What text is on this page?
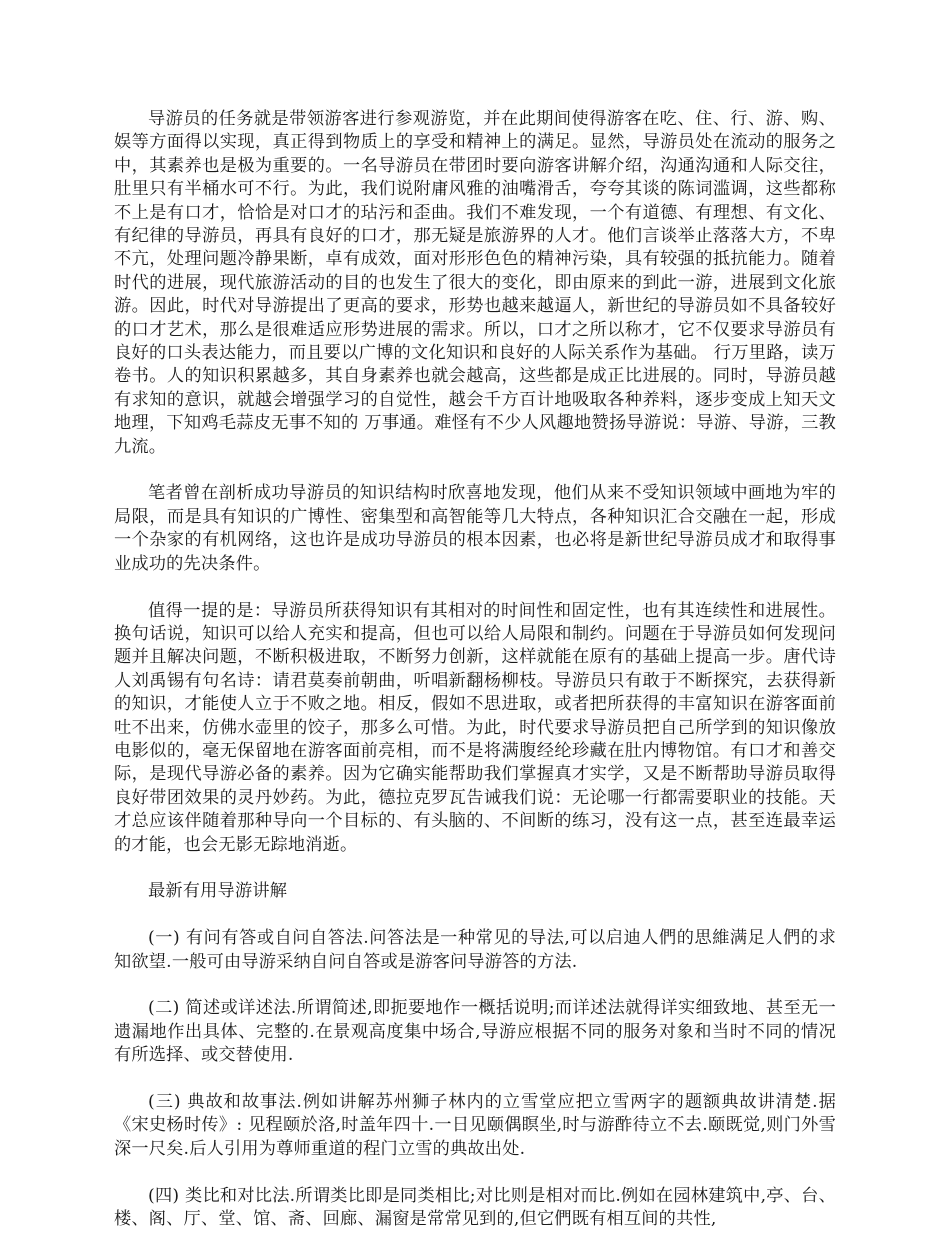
导游员的任务就是带领游客进行参观游览，并在此期间使得游客在吃、住、行、游、购、娱等方面得以实现，真正得到物质上的享受和精神上的满足。显然，导游员处在流动的服务之中，其素养也是极为重要的。一名导游员在带团时要向游客讲解介绍，沟通沟通和人际交往，肚里只有半桶水可不行。为此，我们说附庸风雅的油嘴滑舌，夸夸其谈的陈词滥调，这些都称不上是有口才，恰恰是对口才的玷污和歪曲。我们不难发现，一个有道德、有理想、有文化、有纪律的导游员，再具有良好的口才，那无疑是旅游界的人才。他们言谈举止落落大方，不卑不亢，处理问题冷静果断，卓有成效，面对形形色色的精神污染，具有较强的抵抗能力。随着时代的进展，现代旅游活动的目的也发生了很大的变化，即由原来的到此一游，进展到文化旅游。因此，时代对导游提出了更高的要求，形势也越来越逼人，新世纪的导游员如不具备较好的口才艺术，那么是很难适应形势进展的需求。所以，口才之所以称才，它不仅要求导游员有良好的口头表达能力，而且要以广博的文化知识和良好的人际关系作为基础。 行万里路，读万卷书。人的知识积累越多，其自身素养也就会越高，这些都是成正比进展的。同时，导游员越有求知的意识，就越会增强学习的自觉性，越会千方百计地吸取各种养料，逐步变成上知天文地理，下知鸡毛蒜皮无事不知的 万事通。难怪有不少人风趣地赞扬导游说：导游、导游，三教九流。

笔者曾在剖析成功导游员的知识结构时欣喜地发现，他们从来不受知识领域中画地为牢的局限，而是具有知识的广博性、密集型和高智能等几大特点，各种知识汇合交融在一起，形成一个杂家的有机网络，这也许是成功导游员的根本因素，也必将是新世纪导游员成才和取得事业成功的先决条件。

值得一提的是：导游员所获得知识有其相对的时间性和固定性，也有其连续性和进展性。换句话说，知识可以给人充实和提高，但也可以给人局限和制约。问题在于导游员如何发现问题并且解决问题，不断积极进取，不断努力创新，这样就能在原有的基础上提高一步。唐代诗人刘禹锡有句名诗：请君莫奏前朝曲，听唱新翻杨柳枝。导游员只有敢于不断探究，去获得新的知识，才能使人立于不败之地。相反，假如不思进取，或者把所获得的丰富知识在游客面前吐不出来，仿佛水壶里的饺子，那多么可惜。为此，时代要求导游员把自己所学到的知识像放电影似的，毫无保留地在游客面前亮相，而不是将满腹经纶珍藏在肚内博物馆。有口才和善交际，是现代导游必备的素养。因为它确实能帮助我们掌握真才实学，又是不断帮助导游员取得良好带团效果的灵丹妙药。为此，德拉克罗瓦告诫我们说：无论哪一行都需要职业的技能。天才总应该伴随着那种导向一个目标的、有头脑的、不间断的练习，没有这一点，甚至连最幸运的才能，也会无影无踪地消逝。

最新有用导游讲解

(一) 有问有答或自问自答法.问答法是一种常见的导法,可以启迪人們的思維满足人們的求知欲望.一般可由导游采纳自问自答或是游客问导游答的方法.

(二) 简述或详述法.所谓简述,即扼要地作一概括说明;而详述法就得详实细致地、甚至无一遗漏地作出具体、完整的.在景观高度集中场合,导游应根据不同的服务对象和当时不同的情况有所选择、或交替使用.

(三) 典故和故事法.例如讲解苏州狮子林内的立雪堂应把立雪两字的题额典故讲清楚.据《宋史杨时传》: 见程颐於洛,时盖年四十.一日见颐偶瞑坐,时与游酢待立不去.颐既觉,则门外雪深一尺矣.后人引用为尊师重道的程门立雪的典故出处.

(四) 类比和对比法.所谓类比即是同类相比;对比则是相对而比.例如在园林建筑中,亭、台、楼、阁、厅、堂、馆、斋、回廊、漏窗是常常见到的,但它們既有相互间的共性,
